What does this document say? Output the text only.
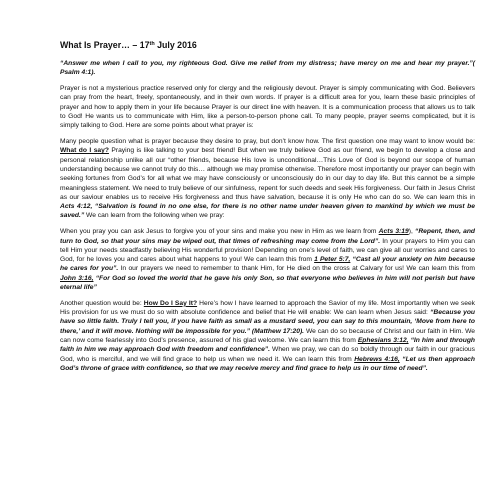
What Is Prayer… – 17th July 2016

“Answer me when I call to you, my righteous God. Give me relief from my distress; have mercy on me and hear my prayer.”( Psalm 4:1).

Prayer is not a mysterious practice reserved only for clergy and the religiously devout. Prayer is simply communicating with God. Believers can pray from the heart, freely, spontaneously, and in their own words. If prayer is a difficult area for you, learn these basic principles of prayer and how to apply them in your life because Prayer is our direct line with heaven. It is a communication process that allows us to talk to God! He wants us to communicate with Him, like a person-to-person phone call. To many people, prayer seems complicated, but it is simply talking to God. Here are some points about what prayer is:

Many people question what is prayer because they desire to pray, but don’t know how. The first question one may want to know would be: What do I say? Praying is like talking to your best friend! But when we truly believe God as our friend, we begin to develop a close and personal relationship unlike all our “other friends, because His love is unconditional…This Love of God is beyond our scope of human understanding because we cannot truly do this… although we may promise otherwise. Therefore most importantly our prayer can begin with seeking fortunes from God’s for all what we may have consciously or unconsciously do in our day to day life. But this cannot be a simple meaningless statement. We need to truly believe of our sinfulness, repent for such deeds and seek His forgiveness. Our faith in Jesus Christ as our saviour enables us to receive His forgiveness and thus have salvation, because it is only He who can do so. We can learn this in Acts 4:12, “Salvation is found in no one else, for there is no other name under heaven given to mankind by which we must be saved.” We can learn from the following when we pray:

When you pray you can ask Jesus to forgive you of your sins and make you new in Him as we learn from Acts 3:19), “Repent, then, and turn to God, so that your sins may be wiped out, that times of refreshing may come from the Lord”. In your prayers to Him you can tell Him your needs steadfastly believing His wonderful provision! Depending on one’s level of faith, we can give all our worries and cares to God, for he loves you and cares about what happens to you! We can learn this from 1 Peter 5:7, “Cast all your anxiety on him because he cares for you”. In our prayers we need to remember to thank Him, for He died on the cross at Calvary for us! We can learn this from John 3:16, “For God so loved the world that he gave his only Son, so that everyone who believes in him will not perish but have eternal life”

Another question would be: How Do I Say It? Here’s how I have learned to approach the Savior of my life. Most importantly when we seek His provision for us we must do so with absolute confidence and belief that He will enable: We can learn when Jesus said: “Because you have so little faith. Truly I tell you, if you have faith as small as a mustard seed, you can say to this mountain, ‘Move from here to there,’ and it will move. Nothing will be impossible for you.” (Matthew 17:20). We can do so because of Christ and our faith in Him. We can now come fearlessly into God’s presence, assured of his glad welcome. We can learn this from Ephesians 3:12, “In him and through faith in him we may approach God with freedom and confidence”. When we pray, we can do so boldly through our faith in our gracious God, who is merciful, and we will find grace to help us when we need it. We can learn this from Hebrews 4:16, “Let us then approach God’s throne of grace with confidence, so that we may receive mercy and find grace to help us in our time of need”.
